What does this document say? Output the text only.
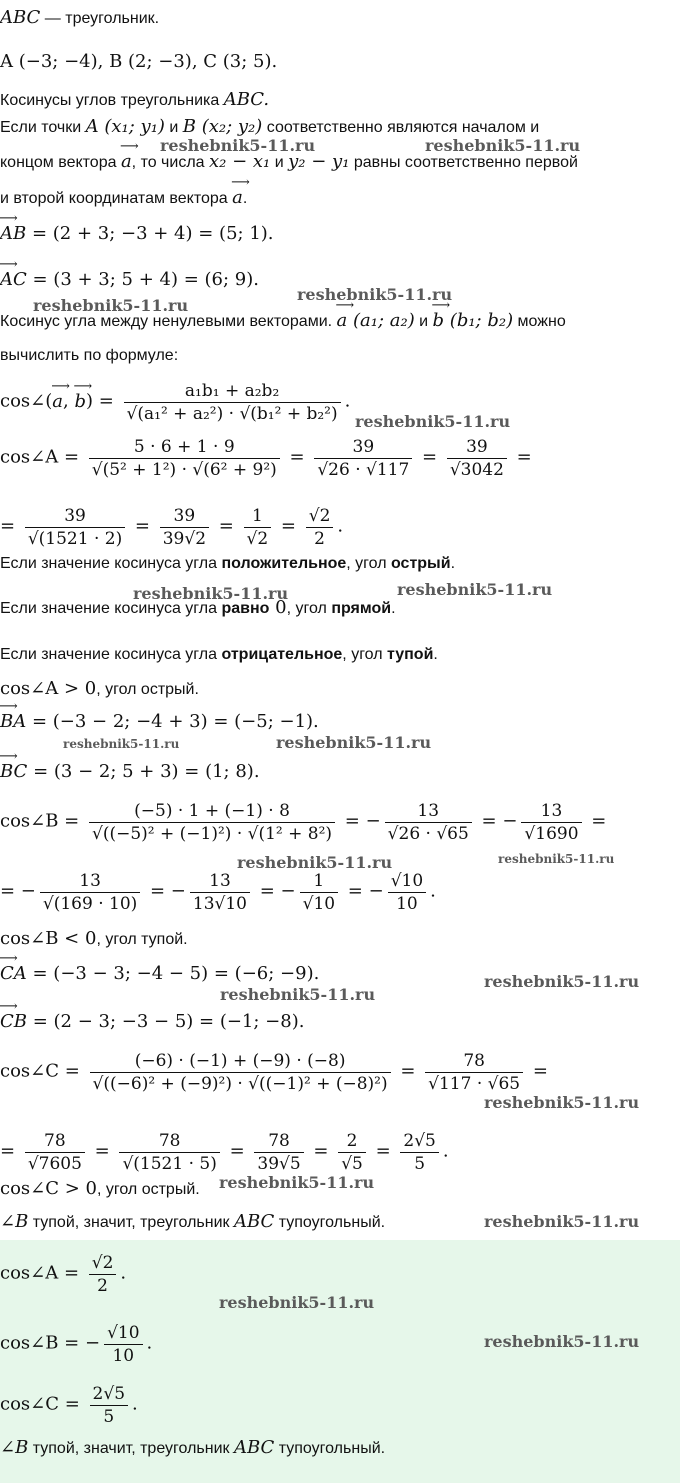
ABC — треугольник.
A (−3; −4), B (2; −3), C (3; 5).
Косинусы углов треугольника ABC.
Если точки A (x₁; y₁) и B (x₂; y₂) соответственно являются началом и
концом вектора ⟶ a, то числа x₂ − x₁ и y₂ − y₁ равны соответственно первой
и второй координатам вектора ⟶ a.
⟶ AB = (2 + 3; −3 + 4) = (5; 1).
⟶ AC = (3 + 3; 5 + 4) = (6; 9).
Косинус угла между ненулевыми векторами. ⟶ a (a₁; a₂) и ⟶ b (b₁; b₂) можно
вычислить по формуле:
cos∠(⟶ a, ⟶ $b) = \frac{\text{a₁b₁ + a₂b₂}}{\text{√(a₁² + a₂²) · √(b₁² + b₂²)}}$ .
cos∠A = $\frac{5 \cdot 6 + 1 \cdot 9}{\text{√(5² + 1²) · √(6² + 9²)}} = \frac{39}{√26 \cdot √117} = \frac{39}{√3042}$ =
= $\frac{39}{√(1521 \cdot 2)} = \frac{39}{39√2} = \frac{1}{√2} = \frac{√2}{2}$ .
Если значение косинуса угла положительное, угол острый.
Если значение косинуса угла равно 0, угол прямой.
Если значение косинуса угла отрицательное, угол тупой.
cos∠A > 0, угол острый.
⟶ BA = (−3 − 2; −4 + 3) = (−5; −1).
⟶ BC = (3 − 2; 5 + 3) = (1; 8).
cos∠B = $\frac{(-5) \cdot 1 + (-1) \cdot 8}{\text{√((−5)² + (−1)²) · √(1² + 8²)}}$ = − $\frac{13}{√26 \cdot √65}$ = − $\frac{13}{√1690}$ =
= − $\frac{13}{√(169 \cdot 10)}$ = − $\frac{13}{13√10}$ = − $\frac{1}{√10}$ = − $\frac{√10}{10}$ .
cos∠B < 0, угол тупой.
⟶ CA = (−3 − 3; −4 − 5) = (−6; −9).
⟶ CB = (2 − 3; −3 − 5) = (−1; −8).
cos∠C = $\frac{(-6) \cdot (-1) + (-9) \cdot (-8)}{\text{√((−6)² + (−9)²) · √((−1)² + (−8)²)}} = \frac{78}{√117 \cdot √65}$ =
= $\frac{78}{√7605} = \frac{78}{√(1521 \cdot 5)} = \frac{78}{39√5} = \frac{2}{√5} = \frac{2√5}{5}$ .
cos∠C > 0, угол острый.
∠B тупой, значит, треугольник ABC тупоугольный.
cos∠A = $\frac{√2}{2}$ .
cos∠B = − $\frac{√10}{10}$ .
cos∠C = $\frac{2√5}{5}$ .
∠B тупой, значит, треугольник ABC тупоугольный.
reshebnik5-11.ru	reshebnik5-11.ru
reshebnik5-11.ru
reshebnik5-11.ru
reshebnik5-11.ru
reshebnik5-11.ru	reshebnik5-11.ru
reshebnik5-11.ru	reshebnik5-11.ru
reshebnik5-11.ru	reshebnik5-11.ru
reshebnik5-11.ru
reshebnik5-11.ru
reshebnik5-11.ru
reshebnik5-11.ru
reshebnik5-11.ru
reshebnik5-11.ru
reshebnik5-11.ru
